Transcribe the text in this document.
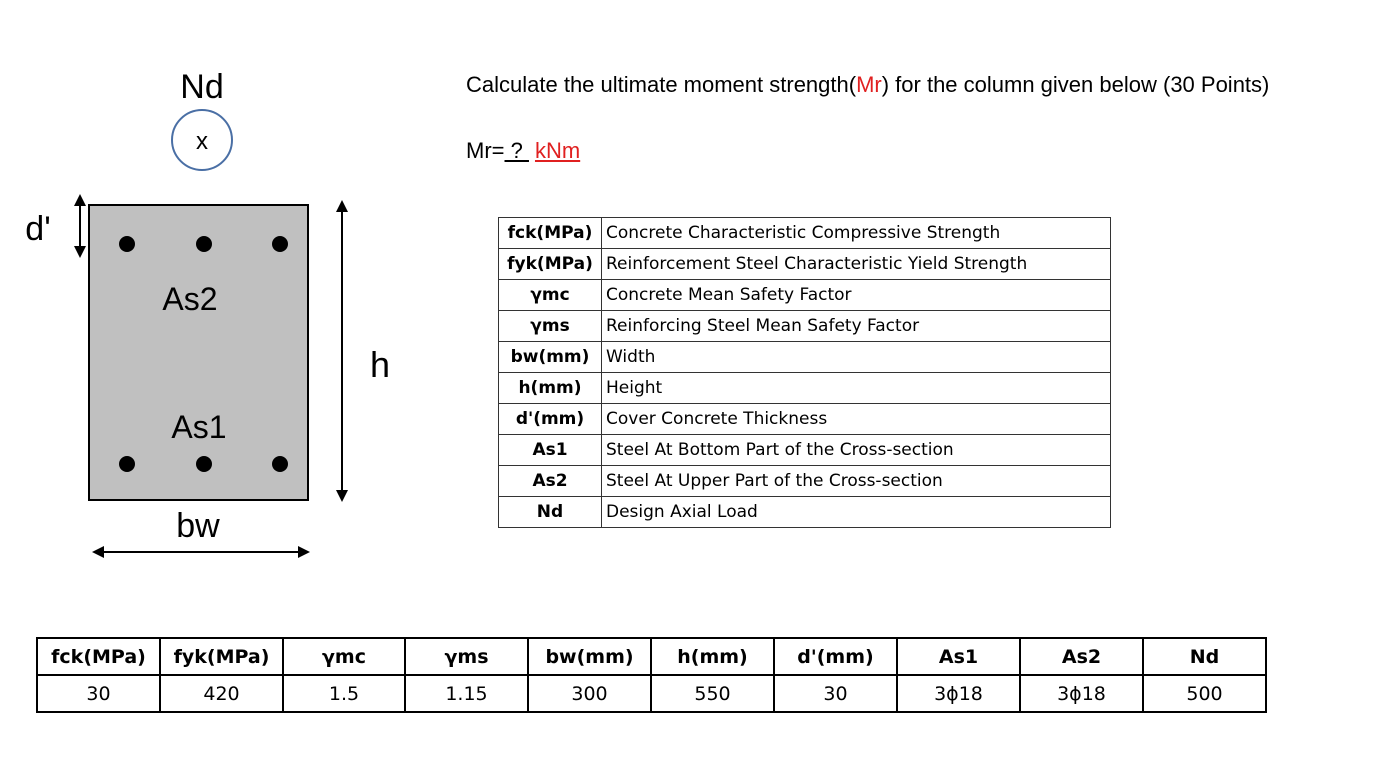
Nd
x
d'
As2
As1
h
bw
Calculate the ultimate moment strength(Mr) for the column given below (30 Points)
Mr= ? kNm
fck(MPa)	Concrete Characteristic Compressive Strength
fyk(MPa)	Reinforcement Steel Characteristic Yield Strength
γmc	Concrete Mean Safety Factor
γms	Reinforcing Steel Mean Safety Factor
bw(mm)	Width
h(mm)	Height
d'(mm)	Cover Concrete Thickness
As1	Steel At Bottom Part of the Cross-section
As2	Steel At Upper Part of the Cross-section
Nd	Design Axial Load
fck(MPa)	fyk(MPa)	γmc	γms	bw(mm)	h(mm)	d'(mm)	As1	As2	Nd
30	420	1.5	1.15	300	550	30	3ϕ18	3ϕ18	500
